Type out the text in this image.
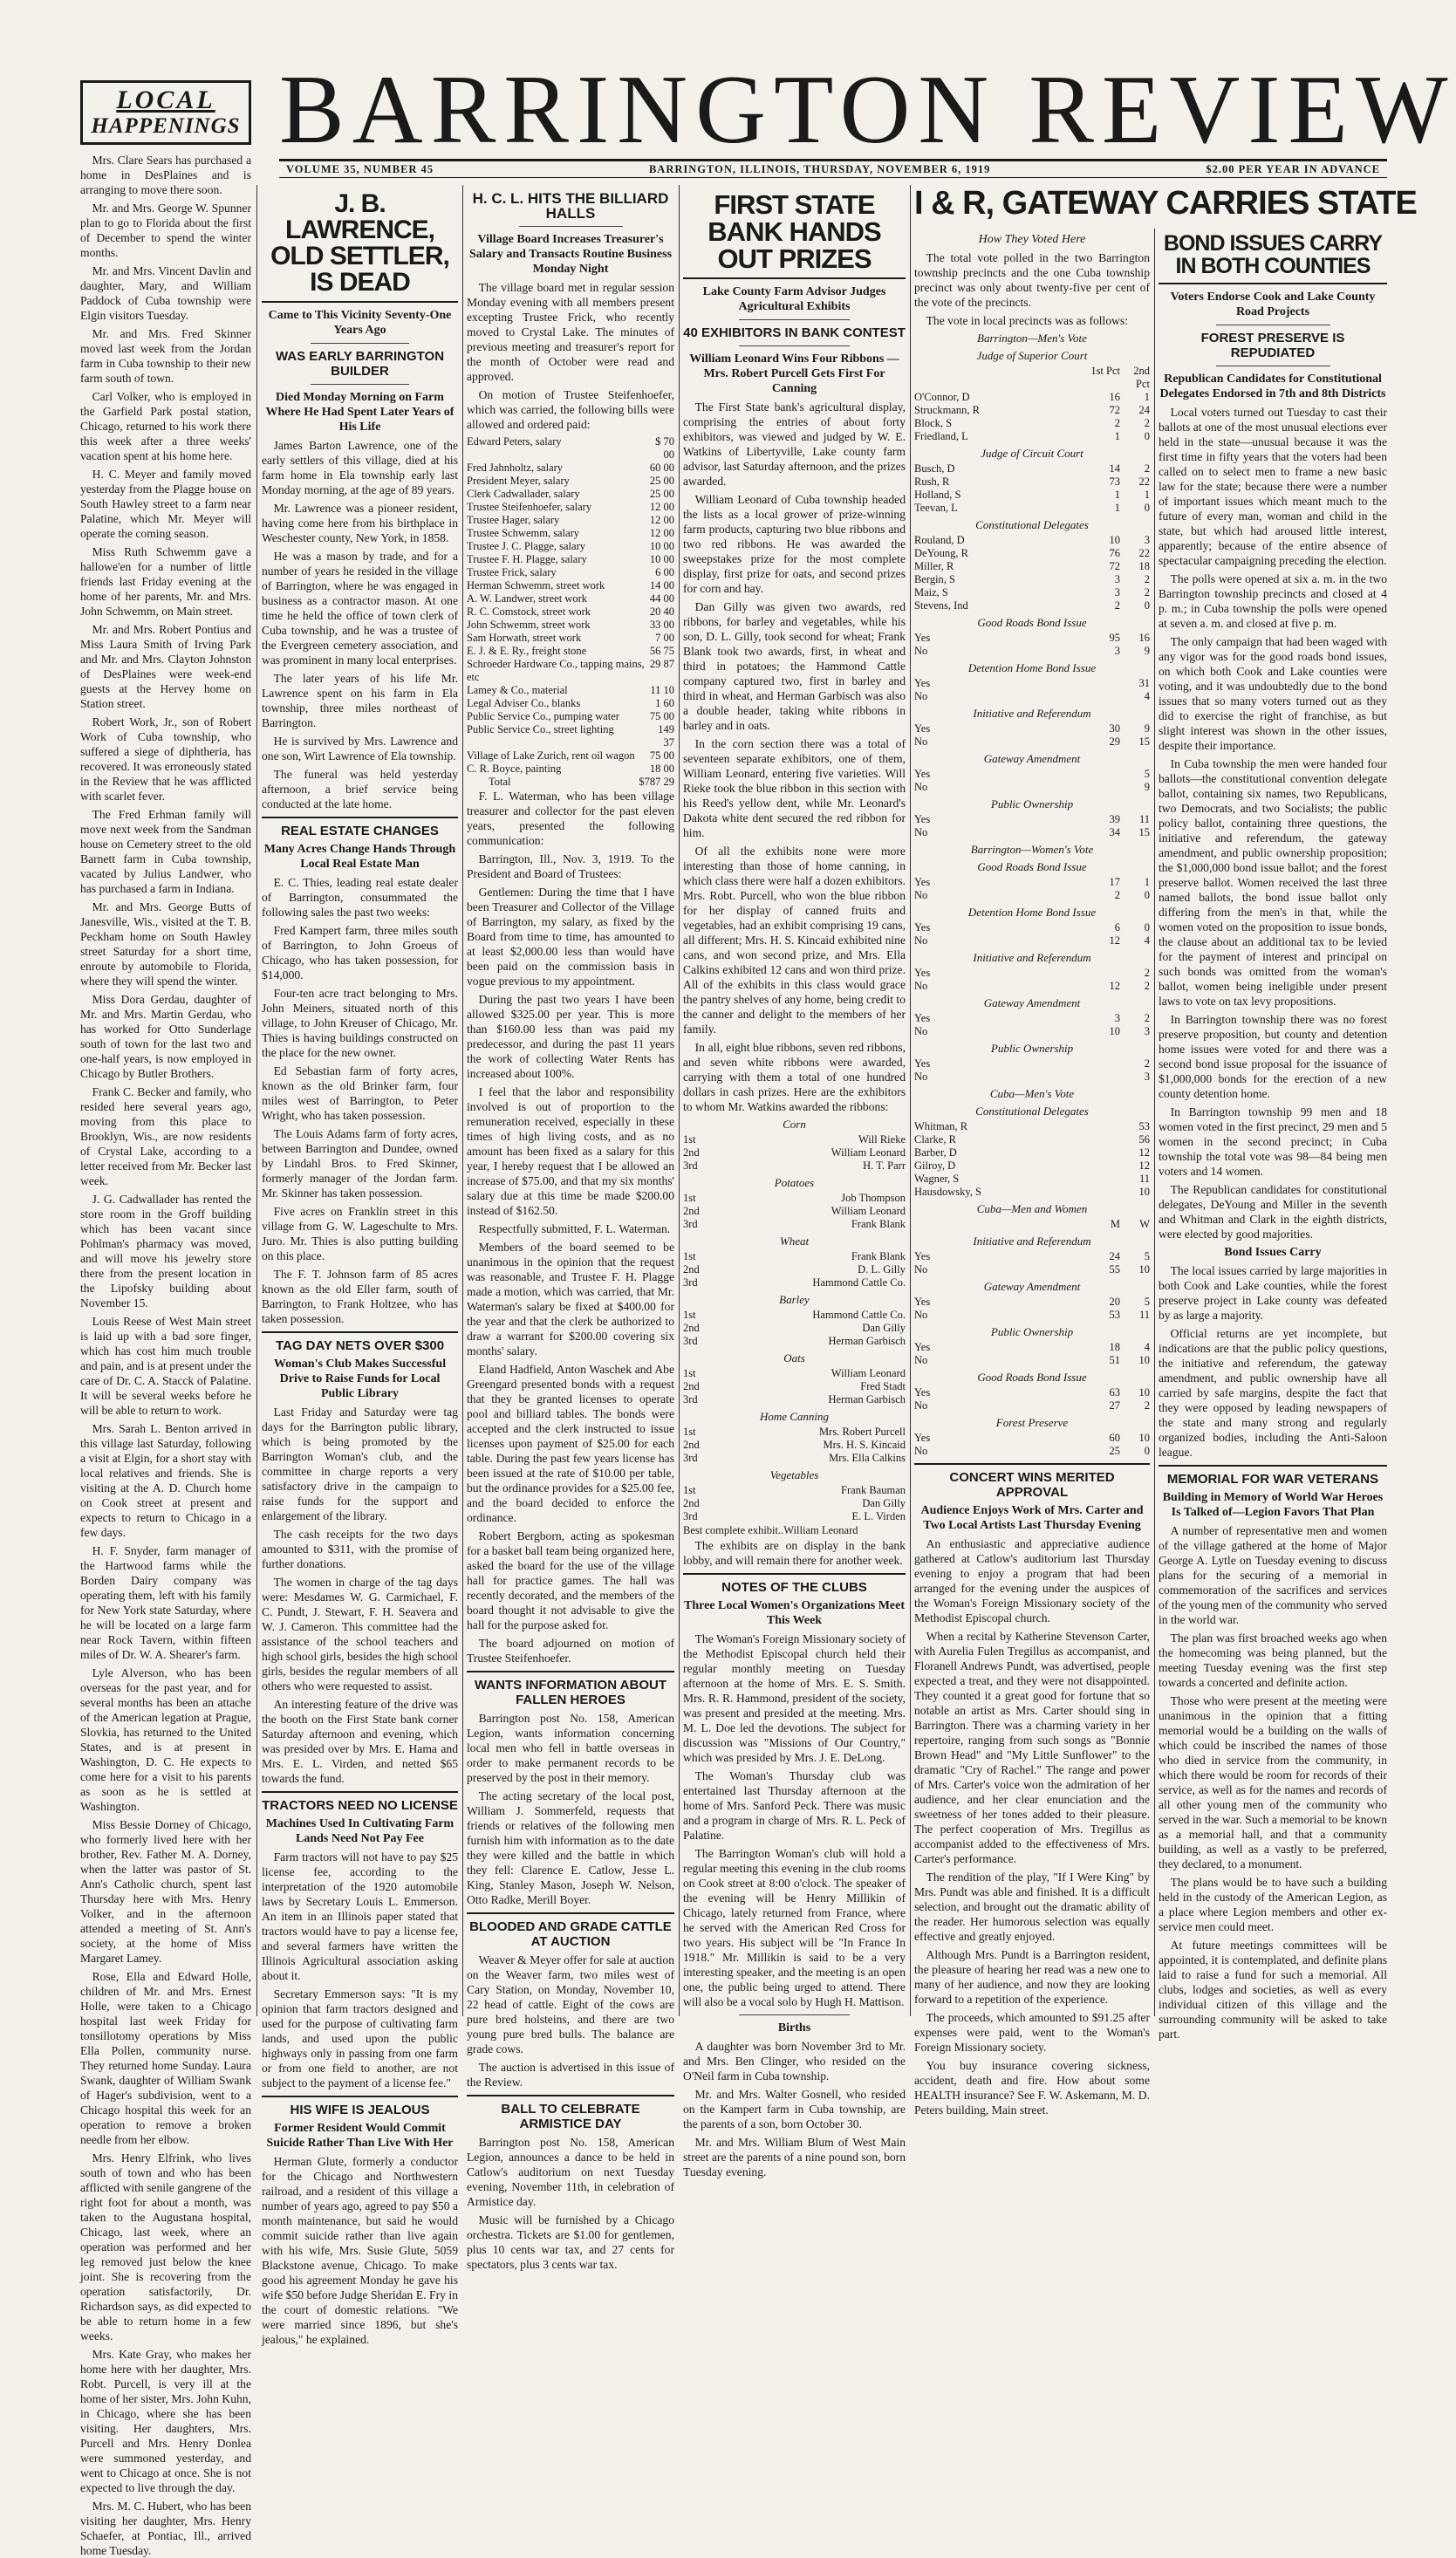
LOCAL
HAPPENINGS BARRINGTON REVIEW
VOLUME 35, NUMBER 45	BARRINGTON, ILLINOIS, THURSDAY, NOVEMBER 6, 1919	$2.00 PER YEAR IN ADVANCE

Mrs. Clare Sears has purchased a home in DesPlaines and is arranging to move there soon.

Mr. and Mrs. George W. Spunner plan to go to Florida about the first of December to spend the winter months.

Mr. and Mrs. Vincent Davlin and daughter, Mary, and William Paddock of Cuba township were Elgin visitors Tuesday.

Mr. and Mrs. Fred Skinner moved last week from the Jordan farm in Cuba township to their new farm south of town.

Carl Volker, who is employed in the Garfield Park postal station, Chicago, returned to his work there this week after a three weeks' vacation spent at his home here.

H. C. Meyer and family moved yesterday from the Plagge house on South Hawley street to a farm near Palatine, which Mr. Meyer will operate the coming season.

Miss Ruth Schwemm gave a hallowe'en for a number of little friends last Friday evening at the home of her parents, Mr. and Mrs. John Schwemm, on Main street.

Mr. and Mrs. Robert Pontius and Miss Laura Smith of Irving Park and Mr. and Mrs. Clayton Johnston of DesPlaines were week-end guests at the Hervey home on Station street.

Robert Work, Jr., son of Robert Work of Cuba township, who suffered a siege of diphtheria, has recovered. It was erroneously stated in the Review that he was afflicted with scarlet fever.

The Fred Erhman family will move next week from the Sandman house on Cemetery street to the old Barnett farm in Cuba township, vacated by Julius Landwer, who has purchased a farm in Indiana.

Mr. and Mrs. George Butts of Janesville, Wis., visited at the T. B. Peckham home on South Hawley street Saturday for a short time, enroute by automobile to Florida, where they will spend the winter.

Miss Dora Gerdau, daughter of Mr. and Mrs. Martin Gerdau, who has worked for Otto Sunderlage south of town for the last two and one-half years, is now employed in Chicago by Butler Brothers.

Frank C. Becker and family, who resided here several years ago, moving from this place to Brooklyn, Wis., are now residents of Crystal Lake, according to a letter received from Mr. Becker last week.

J. G. Cadwallader has rented the store room in the Groff building which has been vacant since Pohlman's pharmacy was moved, and will move his jewelry store there from the present location in the Lipofsky building about November 15.

Louis Reese of West Main street is laid up with a bad sore finger, which has cost him much trouble and pain, and is at present under the care of Dr. C. A. Stacck of Palatine. It will be several weeks before he will be able to return to work.

Mrs. Sarah L. Benton arrived in this village last Saturday, following a visit at Elgin, for a short stay with local relatives and friends. She is visiting at the A. D. Church home on Cook street at present and expects to return to Chicago in a few days.

H. F. Snyder, farm manager of the Hartwood farms while the Borden Dairy company was operating them, left with his family for New York state Saturday, where he will be located on a large farm near Rock Tavern, within fifteen miles of Dr. W. A. Shearer's farm.

Lyle Alverson, who has been overseas for the past year, and for several months has been an attache of the American legation at Prague, Slovkia, has returned to the United States, and is at present in Washington, D. C. He expects to come here for a visit to his parents as soon as he is settled at Washington.

Miss Bessie Dorney of Chicago, who formerly lived here with her brother, Rev. Father M. A. Dorney, when the latter was pastor of St. Ann's Catholic church, spent last Thursday here with Mrs. Henry Volker, and in the afternoon attended a meeting of St. Ann's society, at the home of Miss Margaret Lamey.

Rose, Ella and Edward Holle, children of Mr. and Mrs. Ernest Holle, were taken to a Chicago hospital last week Friday for tonsillotomy operations by Miss Ella Pollen, community nurse. They returned home Sunday. Laura Swank, daughter of William Swank of Hager's subdivision, went to a Chicago hospital this week for an operation to remove a broken needle from her elbow.

Mrs. Henry Elfrink, who lives south of town and who has been afflicted with senile gangrene of the right foot for about a month, was taken to the Augustana hospital, Chicago, last week, where an operation was performed and her leg removed just below the knee joint. She is recovering from the operation satisfactorily, Dr. Richardson says, as did expected to be able to return home in a few weeks.

Mrs. Kate Gray, who makes her home here with her daughter, Mrs. Robt. Purcell, is very ill at the home of her sister, Mrs. John Kuhn, in Chicago, where she has been visiting. Her daughters, Mrs. Purcell and Mrs. Henry Donlea were summoned yesterday, and went to Chicago at once. She is not expected to live through the day.

Mrs. M. C. Hubert, who has been visiting her daughter, Mrs. Henry Schaefer, at Pontiac, Ill., arrived home Tuesday.

J. B. LAWRENCE, OLD SETTLER, IS DEAD
Came to This Vicinity Seventy-One Years Ago
WAS EARLY BARRINGTON BUILDER
Died Monday Morning on Farm Where He Had Spent Later Years of His Life

James Barton Lawrence, one of the early settlers of this village, died at his farm home in Ela township early last Monday morning, at the age of 89 years.

Mr. Lawrence was a pioneer resident, having come here from his birthplace in Weschester county, New York, in 1858.

He was a mason by trade, and for a number of years he resided in the village of Barrington, where he was engaged in business as a contractor mason. At one time he held the office of town clerk of Cuba township, and he was a trustee of the Evergreen cemetery association, and was prominent in many local enterprises.

The later years of his life Mr. Lawrence spent on his farm in Ela township, three miles northeast of Barrington.

He is survived by Mrs. Lawrence and one son, Wirt Lawrence of Ela township.

The funeral was held yesterday afternoon, a brief service being conducted at the late home.

REAL ESTATE CHANGES
Many Acres Change Hands Through Local Real Estate Man

E. C. Thies, leading real estate dealer of Barrington, consummated the following sales the past two weeks:

Fred Kampert farm, three miles south of Barrington, to John Groeus of Chicago, who has taken possession, for $14,000.

Four-ten acre tract belonging to Mrs. John Meiners, situated north of this village, to John Kreuser of Chicago, Mr. Thies is having buildings constructed on the place for the new owner.

Ed Sebastian farm of forty acres, known as the old Brinker farm, four miles west of Barrington, to Peter Wright, who has taken possession.

The Louis Adams farm of forty acres, between Barrington and Dundee, owned by Lindahl Bros. to Fred Skinner, formerly manager of the Jordan farm. Mr. Skinner has taken possession.

Five acres on Franklin street in this village from G. W. Lageschulte to Mrs. Juro. Mr. Thies is also putting building on this place.

The F. T. Johnson farm of 85 acres known as the old Eller farm, south of Barrington, to Frank Holtzee, who has taken possession.

TAG DAY NETS OVER $300
Woman's Club Makes Successful Drive to Raise Funds for Local Public Library

Last Friday and Saturday were tag days for the Barrington public library, which is being promoted by the Barrington Woman's club, and the committee in charge reports a very satisfactory drive in the campaign to raise funds for the support and enlargement of the library.

The cash receipts for the two days amounted to $311, with the promise of further donations.

The women in charge of the tag days were: Mesdames W. G. Carmichael, F. C. Pundt, J. Stewart, F. H. Seavera and W. J. Cameron. This committee had the assistance of the school teachers and high school girls, besides the high school girls, besides the regular members of all others who were requested to assist.

An interesting feature of the drive was the booth on the First State bank corner Saturday afternoon and evening, which was presided over by Mrs. E. Hama and Mrs. E. L. Virden, and netted $65 towards the fund.

TRACTORS NEED NO LICENSE
Machines Used In Cultivating Farm Lands Need Not Pay Fee

Farm tractors will not have to pay $25 license fee, according to the interpretation of the 1920 automobile laws by Secretary Louis L. Emmerson. An item in an Illinois paper stated that tractors would have to pay a license fee, and several farmers have written the Illinois Agricultural association asking about it.

Secretary Emmerson says: "It is my opinion that farm tractors designed and used for the purpose of cultivating farm lands, and used upon the public highways only in passing from one farm or from one field to another, are not subject to the payment of a license fee."

HIS WIFE IS JEALOUS
Former Resident Would Commit Suicide Rather Than Live With Her

Herman Glute, formerly a conductor for the Chicago and Northwestern railroad, and a resident of this village a number of years ago, agreed to pay $50 a month maintenance, but said he would commit suicide rather than live again with his wife, Mrs. Susie Glute, 5059 Blackstone avenue, Chicago. To make good his agreement Monday he gave his wife $50 before Judge Sheridan E. Fry in the court of domestic relations. "We were married since 1896, but she's jealous," he explained.

H. C. L. HITS THE BILLIARD HALLS
Village Board Increases Treasurer's Salary and Transacts Routine Business Monday Night

The village board met in regular session Monday evening with all members present excepting Trustee Frick, who recently moved to Crystal Lake. The minutes of previous meeting and treasurer's report for the month of October were read and approved.

On motion of Trustee Steifenhoefer, which was carried, the following bills were allowed and ordered paid:

Edward Peters, salary	$ 70 00
Fred Jahnholtz, salary	60 00
President Meyer, salary	25 00
Clerk Cadwallader, salary	25 00
Trustee Steifenhoefer, salary	12 00
Trustee Hager, salary	12 00
Trustee Schwemm, salary	12 00
Trustee J. C. Plagge, salary	10 00
Trustee F. H. Plagge, salary	10 00
Trustee Frick, salary	6 00
Herman Schwemm, street work	14 00
A. W. Landwer, street work	44 00
R. C. Comstock, street work	20 40
John Schwemm, street work	33 00
Sam Horwath, street work	7 00
E. J. & E. Ry., freight stone	56 75
Schroeder Hardware Co., tapping mains, etc	29 87
Lamey & Co., material	11 10
Legal Adviser Co., blanks	1 60
Public Service Co., pumping water	75 00
Public Service Co., street lighting	149 37
Village of Lake Zurich, rent oil wagon	75 00
C. R. Boyce, painting	18 00
Total	$787 29

F. L. Waterman, who has been village treasurer and collector for the past eleven years, presented the following communication:

Barrington, Ill., Nov. 3, 1919. To the President and Board of Trustees:

Gentlemen: During the time that I have been Treasurer and Collector of the Village of Barrington, my salary, as fixed by the Board from time to time, has amounted to at least $2,000.00 less than would have been paid on the commission basis in vogue previous to my appointment.

During the past two years I have been allowed $325.00 per year. This is more than $160.00 less than was paid my predecessor, and during the past 11 years the work of collecting Water Rents has increased about 100%.

I feel that the labor and responsibility involved is out of proportion to the remuneration received, especially in these times of high living costs, and as no amount has been fixed as a salary for this year, I hereby request that I be allowed an increase of $75.00, and that my six months' salary due at this time be made $200.00 instead of $162.50.

Respectfully submitted, F. L. Waterman.

Members of the board seemed to be unanimous in the opinion that the request was reasonable, and Trustee F. H. Plagge made a motion, which was carried, that Mr. Waterman's salary be fixed at $400.00 for the year and that the clerk be authorized to draw a warrant for $200.00 covering six months' salary.

Eland Hadfield, Anton Waschek and Abe Greengard presented bonds with a request that they be granted licenses to operate pool and billiard tables. The bonds were accepted and the clerk instructed to issue licenses upon payment of $25.00 for each table. During the past few years license has been issued at the rate of $10.00 per table, but the ordinance provides for a $25.00 fee, and the board decided to enforce the ordinance.

Robert Bergborn, acting as spokesman for a basket ball team being organized here, asked the board for the use of the village hall for practice games. The hall was recently decorated, and the members of the board thought it not advisable to give the hall for the purpose asked for.

The board adjourned on motion of Trustee Steifenhoefer.

WANTS INFORMATION ABOUT FALLEN HEROES

Barrington post No. 158, American Legion, wants information concerning local men who fell in battle overseas in order to make permanent records to be preserved by the post in their memory.

The acting secretary of the local post, William J. Sommerfeld, requests that friends or relatives of the following men furnish him with information as to the date they were killed and the battle in which they fell: Clarence E. Catlow, Jesse L. King, Stanley Mason, Joseph W. Nelson, Otto Radke, Merill Boyer.

BLOODED AND GRADE CATTLE AT AUCTION

Weaver & Meyer offer for sale at auction on the Weaver farm, two miles west of Cary Station, on Monday, November 10, 22 head of cattle. Eight of the cows are pure bred holsteins, and there are two young pure bred bulls. The balance are grade cows.

The auction is advertised in this issue of the Review.

BALL TO CELEBRATE ARMISTICE DAY

Barrington post No. 158, American Legion, announces a dance to be held in Catlow's auditorium on next Tuesday evening, November 11th, in celebration of Armistice day.

Music will be furnished by a Chicago orchestra. Tickets are $1.00 for gentlemen, plus 10 cents war tax, and 27 cents for spectators, plus 3 cents war tax.

FIRST STATE BANK HANDS OUT PRIZES
Lake County Farm Advisor Judges Agricultural Exhibits
40 EXHIBITORS IN BANK CONTEST
William Leonard Wins Four Ribbons — Mrs. Robert Purcell Gets First For Canning

The First State bank's agricultural display, comprising the entries of about forty exhibitors, was viewed and judged by W. E. Watkins of Libertyville, Lake county farm advisor, last Saturday afternoon, and the prizes awarded.

William Leonard of Cuba township headed the lists as a local grower of prize-winning farm products, capturing two blue ribbons and two red ribbons. He was awarded the sweepstakes prize for the most complete display, first prize for oats, and second prizes for corn and hay.

Dan Gilly was given two awards, red ribbons, for barley and vegetables, while his son, D. L. Gilly, took second for wheat; Frank Blank took two awards, first, in wheat and third in potatoes; the Hammond Cattle company captured two, first in barley and third in wheat, and Herman Garbisch was also a double header, taking white ribbons in barley and in oats.

In the corn section there was a total of seventeen separate exhibitors, one of them, William Leonard, entering five varieties. Will Rieke took the blue ribbon in this section with his Reed's yellow dent, while Mr. Leonard's Dakota white dent secured the red ribbon for him.

Of all the exhibits none were more interesting than those of home canning, in which class there were half a dozen exhibitors. Mrs. Robt. Purcell, who won the blue ribbon for her display of canned fruits and vegetables, had an exhibit comprising 19 cans, all different; Mrs. H. S. Kincaid exhibited nine cans, and won second prize, and Mrs. Ella Calkins exhibited 12 cans and won third prize. All of the exhibits in this class would grace the pantry shelves of any home, being credit to the canner and delight to the members of her family.

In all, eight blue ribbons, seven red ribbons, and seven white ribbons were awarded, carrying with them a total of one hundred dollars in cash prizes. Here are the exhibitors to whom Mr. Watkins awarded the ribbons:

Corn
1st	Will Rieke
2nd	William Leonard
3rd	H. T. Parr
Potatoes
1st	Job Thompson
2nd	William Leonard
3rd	Frank Blank
Wheat
1st	Frank Blank
2nd	D. L. Gilly
3rd	Hammond Cattle Co.
Barley
1st	Hammond Cattle Co.
2nd	Dan Gilly
3rd	Herman Garbisch
Oats
1st	William Leonard
2nd	Fred Stadt
3rd	Herman Garbisch
Home Canning
1st	Mrs. Robert Purcell
2nd	Mrs. H. S. Kincaid
3rd	Mrs. Ella Calkins
Vegetables
1st	Frank Bauman
2nd	Dan Gilly
3rd	E. L. Virden
Best complete exhibit..William Leonard

The exhibits are on display in the bank lobby, and will remain there for another week.

NOTES OF THE CLUBS
Three Local Women's Organizations Meet This Week

The Woman's Foreign Missionary society of the Methodist Episcopal church held their regular monthly meeting on Tuesday afternoon at the home of Mrs. E. S. Smith. Mrs. R. R. Hammond, president of the society, was present and presided at the meeting. Mrs. M. L. Doe led the devotions. The subject for discussion was "Missions of Our Country," which was presided by Mrs. J. E. DeLong.

The Woman's Thursday club was entertained last Thursday afternoon at the home of Mrs. Sanford Peck. There was music and a program in charge of Mrs. R. L. Peck of Palatine.

The Barrington Woman's club will hold a regular meeting this evening in the club rooms on Cook street at 8:00 o'clock. The speaker of the evening will be Henry Millikin of Chicago, lately returned from France, where he served with the American Red Cross for two years. His subject will be "In France In 1918." Mr. Millikin is said to be a very interesting speaker, and the meeting is an open one, the public being urged to attend. There will also be a vocal solo by Hugh H. Mattison.

Births

A daughter was born November 3rd to Mr. and Mrs. Ben Clinger, who resided on the O'Neil farm in Cuba township.

Mr. and Mrs. Walter Gosnell, who resided on the Kampert farm in Cuba township, are the parents of a son, born October 30.

Mr. and Mrs. William Blum of West Main street are the parents of a nine pound son, born Tuesday evening.

I & R, GATEWAY CARRIES STATE
How They Voted Here

The total vote polled in the two Barrington township precincts and the one Cuba township precinct was only about twenty-five per cent of the vote of the precincts.

The vote in local precincts was as follows:

Barrington—Men's Vote
Judge of Superior Court
	1st Pct	2nd Pct
O'Connor, D	16	1
Struckmann, R	72	24
Block, S	2	2
Friedland, L	1	0
Judge of Circuit Court
Busch, D	14	2
Rush, R	73	22
Holland, S	1	1
Teevan, L	1	0
Constitutional Delegates
Rouland, D	10	3
DeYoung, R	76	22
Miller, R	72	18
Bergin, S	3	2
Maiz, S	3	2
Stevens, Ind	2	0
Good Roads Bond Issue
Yes	95	16
No	3	9
Detention Home Bond Issue
Yes		31
No		4
Initiative and Referendum
Yes	30	9
No	29	15
Gateway Amendment
Yes		5
No		9
Public Ownership
Yes	39	11
No	34	15
Barrington—Women's Vote
Good Roads Bond Issue
Yes	17	1
No	2	0
Detention Home Bond Issue
Yes	6	0
No	12	4
Initiative and Referendum
Yes		2
No	12	2
Gateway Amendment
Yes	3	2
No	10	3
Public Ownership
Yes		2
No		3
Cuba—Men's Vote
Constitutional Delegates
Whitman, R	53
Clarke, R	56
Barber, D	12
Gilroy, D	12
Wagner, S	11
Hausdowsky, S	10
Cuba—Men and Women
	M	W
Initiative and Referendum
Yes	24	5
No	55	10
Gateway Amendment
Yes	20	5
No	53	11
Public Ownership
Yes	18	4
No	51	10
Good Roads Bond Issue
Yes	63	10
No	27	2
Forest Preserve
Yes	60	10
No	25	0
CONCERT WINS MERITED APPROVAL
Audience Enjoys Work of Mrs. Carter and Two Local Artists Last Thursday Evening

An enthusiastic and appreciative audience gathered at Catlow's auditorium last Thursday evening to enjoy a program that had been arranged for the evening under the auspices of the Woman's Foreign Missionary society of the Methodist Episcopal church.

When a recital by Katherine Stevenson Carter, with Aurelia Fulen Tregillus as accompanist, and Floranell Andrews Pundt, was advertised, people expected a treat, and they were not disappointed. They counted it a great good for fortune that so notable an artist as Mrs. Carter should sing in Barrington. There was a charming variety in her repertoire, ranging from such songs as "Bonnie Brown Head" and "My Little Sunflower" to the dramatic "Cry of Rachel." The range and power of Mrs. Carter's voice won the admiration of her audience, and her clear enunciation and the sweetness of her tones added to their pleasure. The perfect cooperation of Mrs. Tregillus as accompanist added to the effectiveness of Mrs. Carter's performance.

The rendition of the play, "If I Were King" by Mrs. Pundt was able and finished. It is a difficult selection, and brought out the dramatic ability of the reader. Her humorous selection was equally effective and greatly enjoyed.

Although Mrs. Pundt is a Barrington resident, the pleasure of hearing her read was a new one to many of her audience, and now they are looking forward to a repetition of the experience.

The proceeds, which amounted to $91.25 after expenses were paid, went to the Woman's Foreign Missionary society.

You buy insurance covering sickness, accident, death and fire. How about some HEALTH insurance? See F. W. Askemann, M. D. Peters building, Main street.

BOND ISSUES CARRY IN BOTH COUNTIES
Voters Endorse Cook and Lake County Road Projects
FOREST PRESERVE IS REPUDIATED
Republican Candidates for Constitutional Delegates Endorsed in 7th and 8th Districts

Local voters turned out Tuesday to cast their ballots at one of the most unusual elections ever held in the state—unusual because it was the first time in fifty years that the voters had been called on to select men to frame a new basic law for the state; because there were a number of important issues which meant much to the future of every man, woman and child in the state, but which had aroused little interest, apparently; because of the entire absence of spectacular campaigning preceding the election.

The polls were opened at six a. m. in the two Barrington township precincts and closed at 4 p. m.; in Cuba township the polls were opened at seven a. m. and closed at five p. m.

The only campaign that had been waged with any vigor was for the good roads bond issues, on which both Cook and Lake counties were voting, and it was undoubtedly due to the bond issues that so many voters turned out as they did to exercise the right of franchise, as but slight interest was shown in the other issues, despite their importance.

In Cuba township the men were handed four ballots—the constitutional convention delegate ballot, containing six names, two Republicans, two Democrats, and two Socialists; the public policy ballot, containing three questions, the initiative and referendum, the gateway amendment, and public ownership proposition; the $1,000,000 bond issue ballot; and the forest preserve ballot. Women received the last three named ballots, the bond issue ballot only differing from the men's in that, while the women voted on the proposition to issue bonds, the clause about an additional tax to be levied for the payment of interest and principal on such bonds was omitted from the woman's ballot, women being ineligible under present laws to vote on tax levy propositions.

In Barrington township there was no forest preserve proposition, but county and detention home issues were voted for and there was a second bond issue proposal for the issuance of $1,000,000 bonds for the erection of a new county detention home.

In Barrington township 99 men and 18 women voted in the first precinct, 29 men and 5 women in the second precinct; in Cuba township the total vote was 98—84 being men voters and 14 women.

The Republican candidates for constitutional delegates, DeYoung and Miller in the seventh and Whitman and Clark in the eighth districts, were elected by good majorities.

Bond Issues Carry

The local issues carried by large majorities in both Cook and Lake counties, while the forest preserve project in Lake county was defeated by as large a majority.

Official returns are yet incomplete, but indications are that the public policy questions, the initiative and referendum, the gateway amendment, and public ownership have all carried by safe margins, despite the fact that they were opposed by leading newspapers of the state and many strong and regularly organized bodies, including the Anti-Saloon league.

MEMORIAL FOR WAR VETERANS
Building in Memory of World War Heroes Is Talked of—Legion Favors That Plan

A number of representative men and women of the village gathered at the home of Major George A. Lytle on Tuesday evening to discuss plans for the securing of a memorial in commemoration of the sacrifices and services of the young men of the community who served in the world war.

The plan was first broached weeks ago when the homecoming was being planned, but the meeting Tuesday evening was the first step towards a concerted and definite action.

Those who were present at the meeting were unanimous in the opinion that a fitting memorial would be a building on the walls of which could be inscribed the names of those who died in service from the community, in which there would be room for records of their service, as well as for the names and records of all other young men of the community who served in the war. Such a memorial to be known as a memorial hall, and that a community building, as well as a vastly to be preferred, they declared, to a monument.

The plans would be to have such a building held in the custody of the American Legion, as a place where Legion members and other ex-service men could meet.

At future meetings committees will be appointed, it is contemplated, and definite plans laid to raise a fund for such a memorial. All clubs, lodges and societies, as well as every individual citizen of this village and the surrounding community will be asked to take part.
